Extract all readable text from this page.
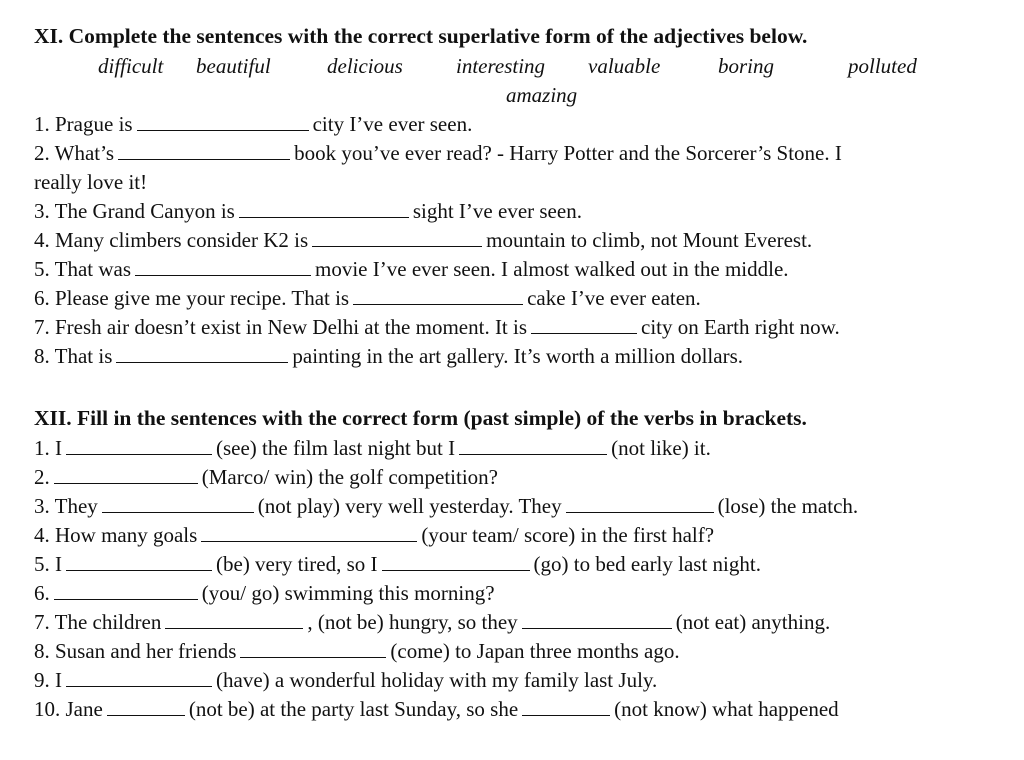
XI. Complete the sentences with the correct superlative form of the adjectives below.
difficult beautiful	delicious	interesting valuable	boring	polluted
amazing
1. Prague is	city I’ve ever seen.
2. What’s	book you’ve ever read? - Harry Potter and the Sorcerer’s Stone. I
really love it!
3. The Grand Canyon is	sight I’ve ever seen.
4. Many climbers consider K2 is	mountain to climb, not Mount Everest.
5. That was	movie I’ve ever seen. I almost walked out in the middle.
6. Please give me your recipe. That is	cake I’ve ever eaten.
7. Fresh air doesn’t exist in New Delhi at the moment. It is	city on Earth right now.
8. That is	painting in the art gallery. It’s worth a million dollars.
XII. Fill in the sentences with the correct form (past simple) of the verbs in brackets.
1. I	(see) the film last night but I	(not like) it.
2.	(Marco/ win) the golf competition?
3. They	(not play) very well yesterday. They	(lose) the match.
4. How many goals	(your team/ score) in the first half?
5. I	(be) very tired, so I	(go) to bed early last night.
6.	(you/ go) swimming this morning?
7. The children	, (not be) hungry, so they	(not eat) anything.
8. Susan and her friends	(come) to Japan three months ago.
9. I	(have) a wonderful holiday with my family last July.
10. Jane	(not be) at the party last Sunday, so she	(not know) what happened
